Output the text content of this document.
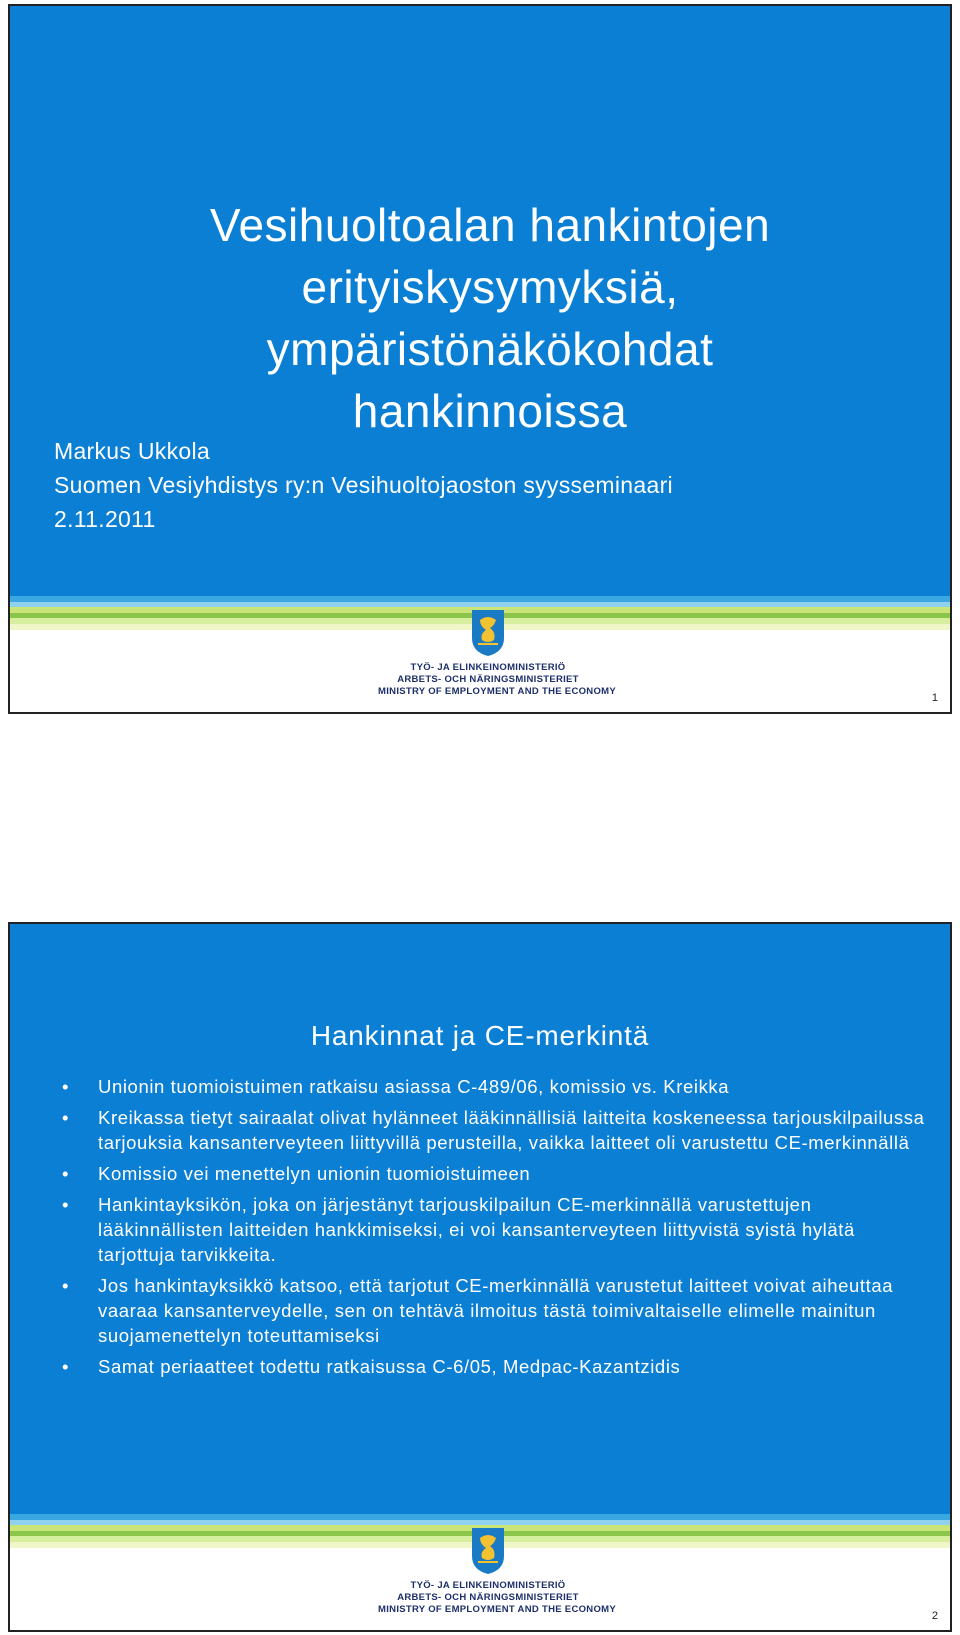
Vesihuoltoalan hankintojen
erityiskysymyksiä,
ympäristönäkökohdat
hankinnoissa
Markus Ukkola
Suomen Vesiyhdistys ry:n Vesihuoltojaoston syysseminaari
2.11.2011
TYÖ- JA ELINKEINOMINISTERIÖ
ARBETS- OCH NÄRINGSMINISTERIET
MINISTRY OF EMPLOYMENT AND THE ECONOMY
1
Hankinnat ja CE-merkintä
• Unionin tuomioistuimen ratkaisu asiassa C-489/06, komissio vs. Kreikka
• Kreikassa tietyt sairaalat olivat hylänneet lääkinnällisiä laitteita koskeneessa tarjouskilpailussa tarjouksia kansanterveyteen liittyvillä perusteilla, vaikka laitteet oli varustettu CE-merkinnällä
• Komissio vei menettelyn unionin tuomioistuimeen
• Hankintayksikön, joka on järjestänyt tarjouskilpailun CE-merkinnällä varustettujen lääkinnällisten laitteiden hankkimiseksi, ei voi kansanterveyteen liittyvistä syistä hylätä tarjottuja tarvikkeita.
• Jos hankintayksikkö katsoo, että tarjotut CE-merkinnällä varustetut laitteet voivat aiheuttaa vaaraa kansanterveydelle, sen on tehtävä ilmoitus tästä toimivaltaiselle elimelle mainitun suojamenettelyn toteuttamiseksi
• Samat periaatteet todettu ratkaisussa C-6/05, Medpac-Kazantzidis
TYÖ- JA ELINKEINOMINISTERIÖ
ARBETS- OCH NÄRINGSMINISTERIET
MINISTRY OF EMPLOYMENT AND THE ECONOMY
2
